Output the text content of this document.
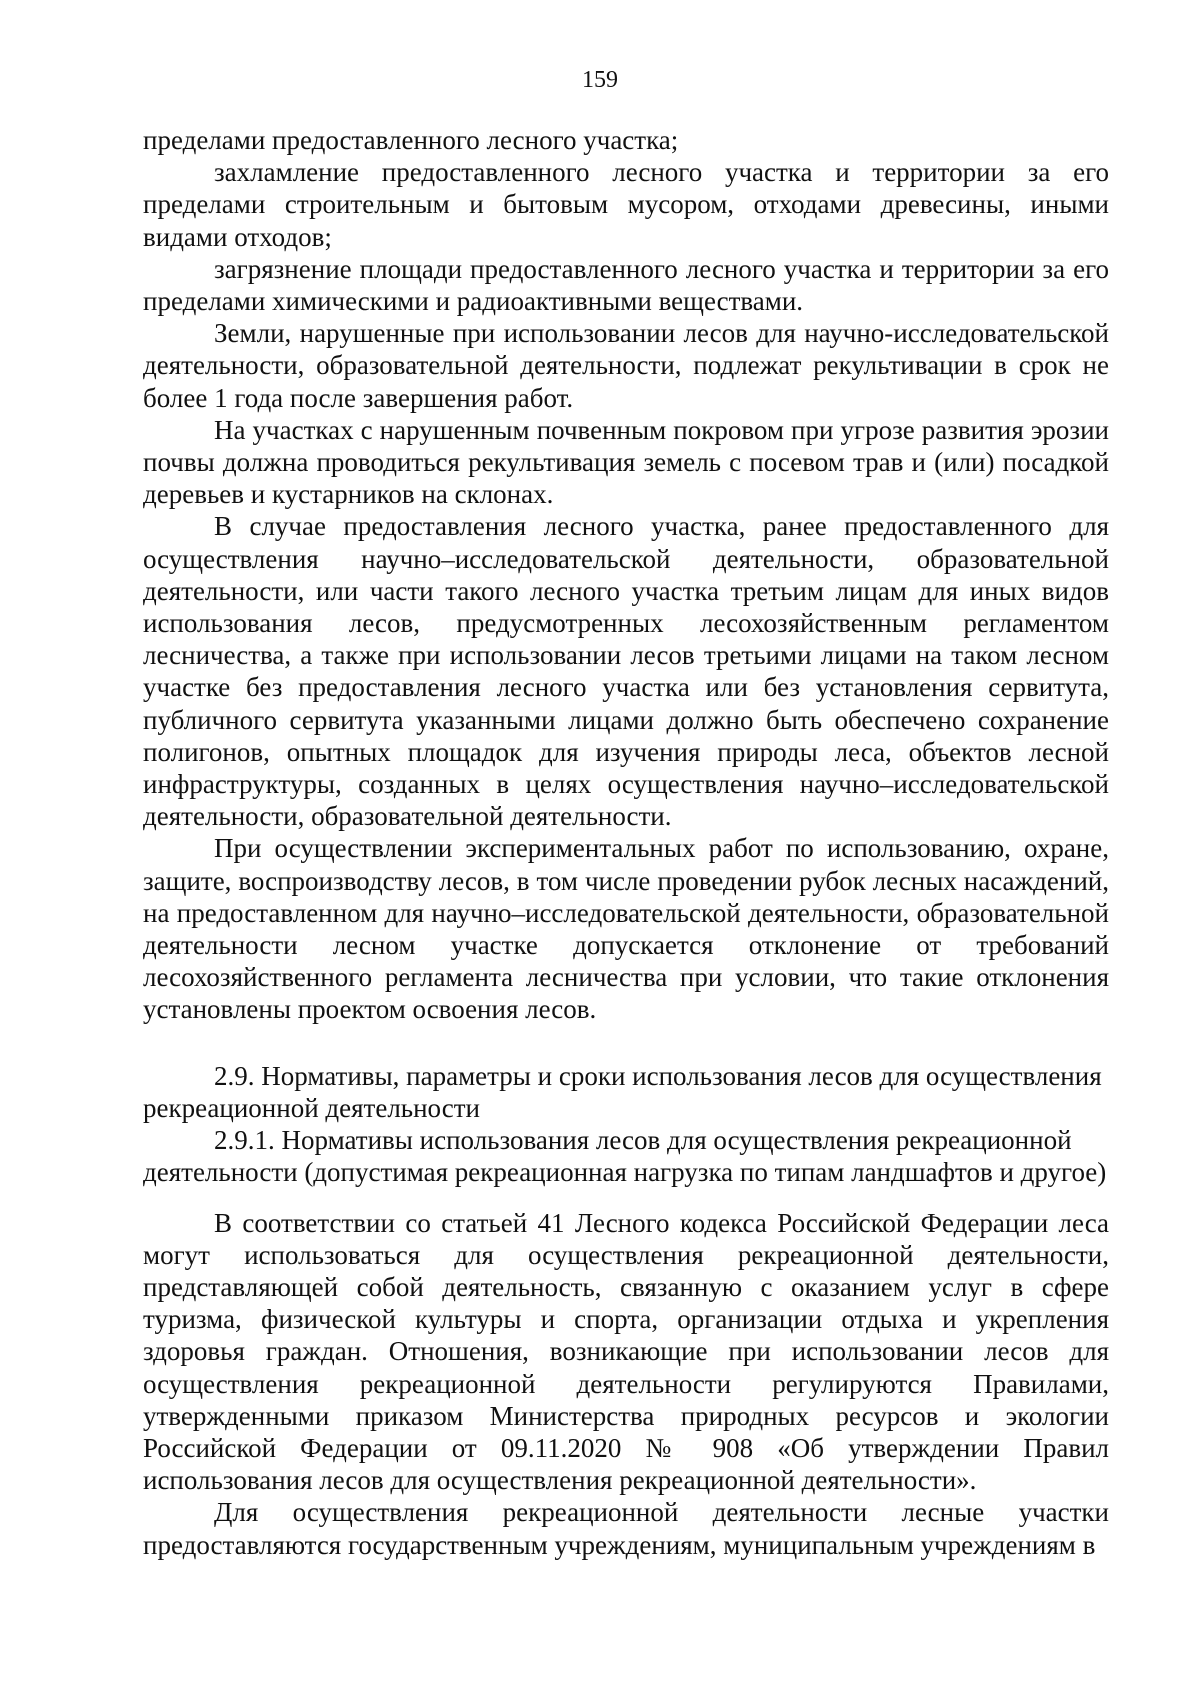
159

пределами предоставленного лесного участка;

захламление предоставленного лесного участка и территории за его пределами строительным и бытовым мусором, отходами древесины, иными видами отходов;

загрязнение площади предоставленного лесного участка и территории за его пределами химическими и радиоактивными веществами.

Земли, нарушенные при использовании лесов для научно-исследовательской деятельности, образовательной деятельности, подлежат рекультивации в срок не более 1 года после завершения работ.

На участках с нарушенным почвенным покровом при угрозе развития эрозии почвы должна проводиться рекультивация земель с посевом трав и (или) посадкой деревьев и кустарников на склонах.

В случае предоставления лесного участка, ранее предоставленного для осуществления научно–исследовательской деятельности, образовательной деятельности, или части такого лесного участка третьим лицам для иных видов использования лесов, предусмотренных лесохозяйственным регламентом лесничества, а также при использовании лесов третьими лицами на таком лесном участке без предоставления лесного участка или без установления сервитута, публичного сервитута указанными лицами должно быть обеспечено сохранение полигонов, опытных площадок для изучения природы леса, объектов лесной инфраструктуры, созданных в целях осуществления научно–исследовательской деятельности, образовательной деятельности.

При осуществлении экспериментальных работ по использованию, охране, защите, воспроизводству лесов, в том числе проведении рубок лесных насаждений, на предоставленном для научно–исследовательской деятельности, образовательной деятельности лесном участке допускается отклонение от требований лесохозяйственного регламента лесничества при условии, что такие отклонения установлены проектом освоения лесов.

2.9. Нормативы, параметры и сроки использования лесов для осуществления рекреационной деятельности

2.9.1. Нормативы использования лесов для осуществления рекреационной деятельности (допустимая рекреационная нагрузка по типам ландшафтов и другое)

В соответствии со статьей 41 Лесного кодекса Российской Федерации леса могут использоваться для осуществления рекреационной деятельности, представляющей собой деятельность, связанную с оказанием услуг в сфере туризма, физической культуры и спорта, организации отдыха и укрепления здоровья граждан. Отношения, возникающие при использовании лесов для осуществления рекреационной деятельности регулируются Правилами, утвержденными приказом Министерства природных ресурсов и экологии Российской Федерации от 09.11.2020 № 908 «Об утверждении Правил использования лесов для осуществления рекреационной деятельности».

Для осуществления рекреационной деятельности лесные участки предоставляются государственным учреждениям, муниципальным учреждениям в
